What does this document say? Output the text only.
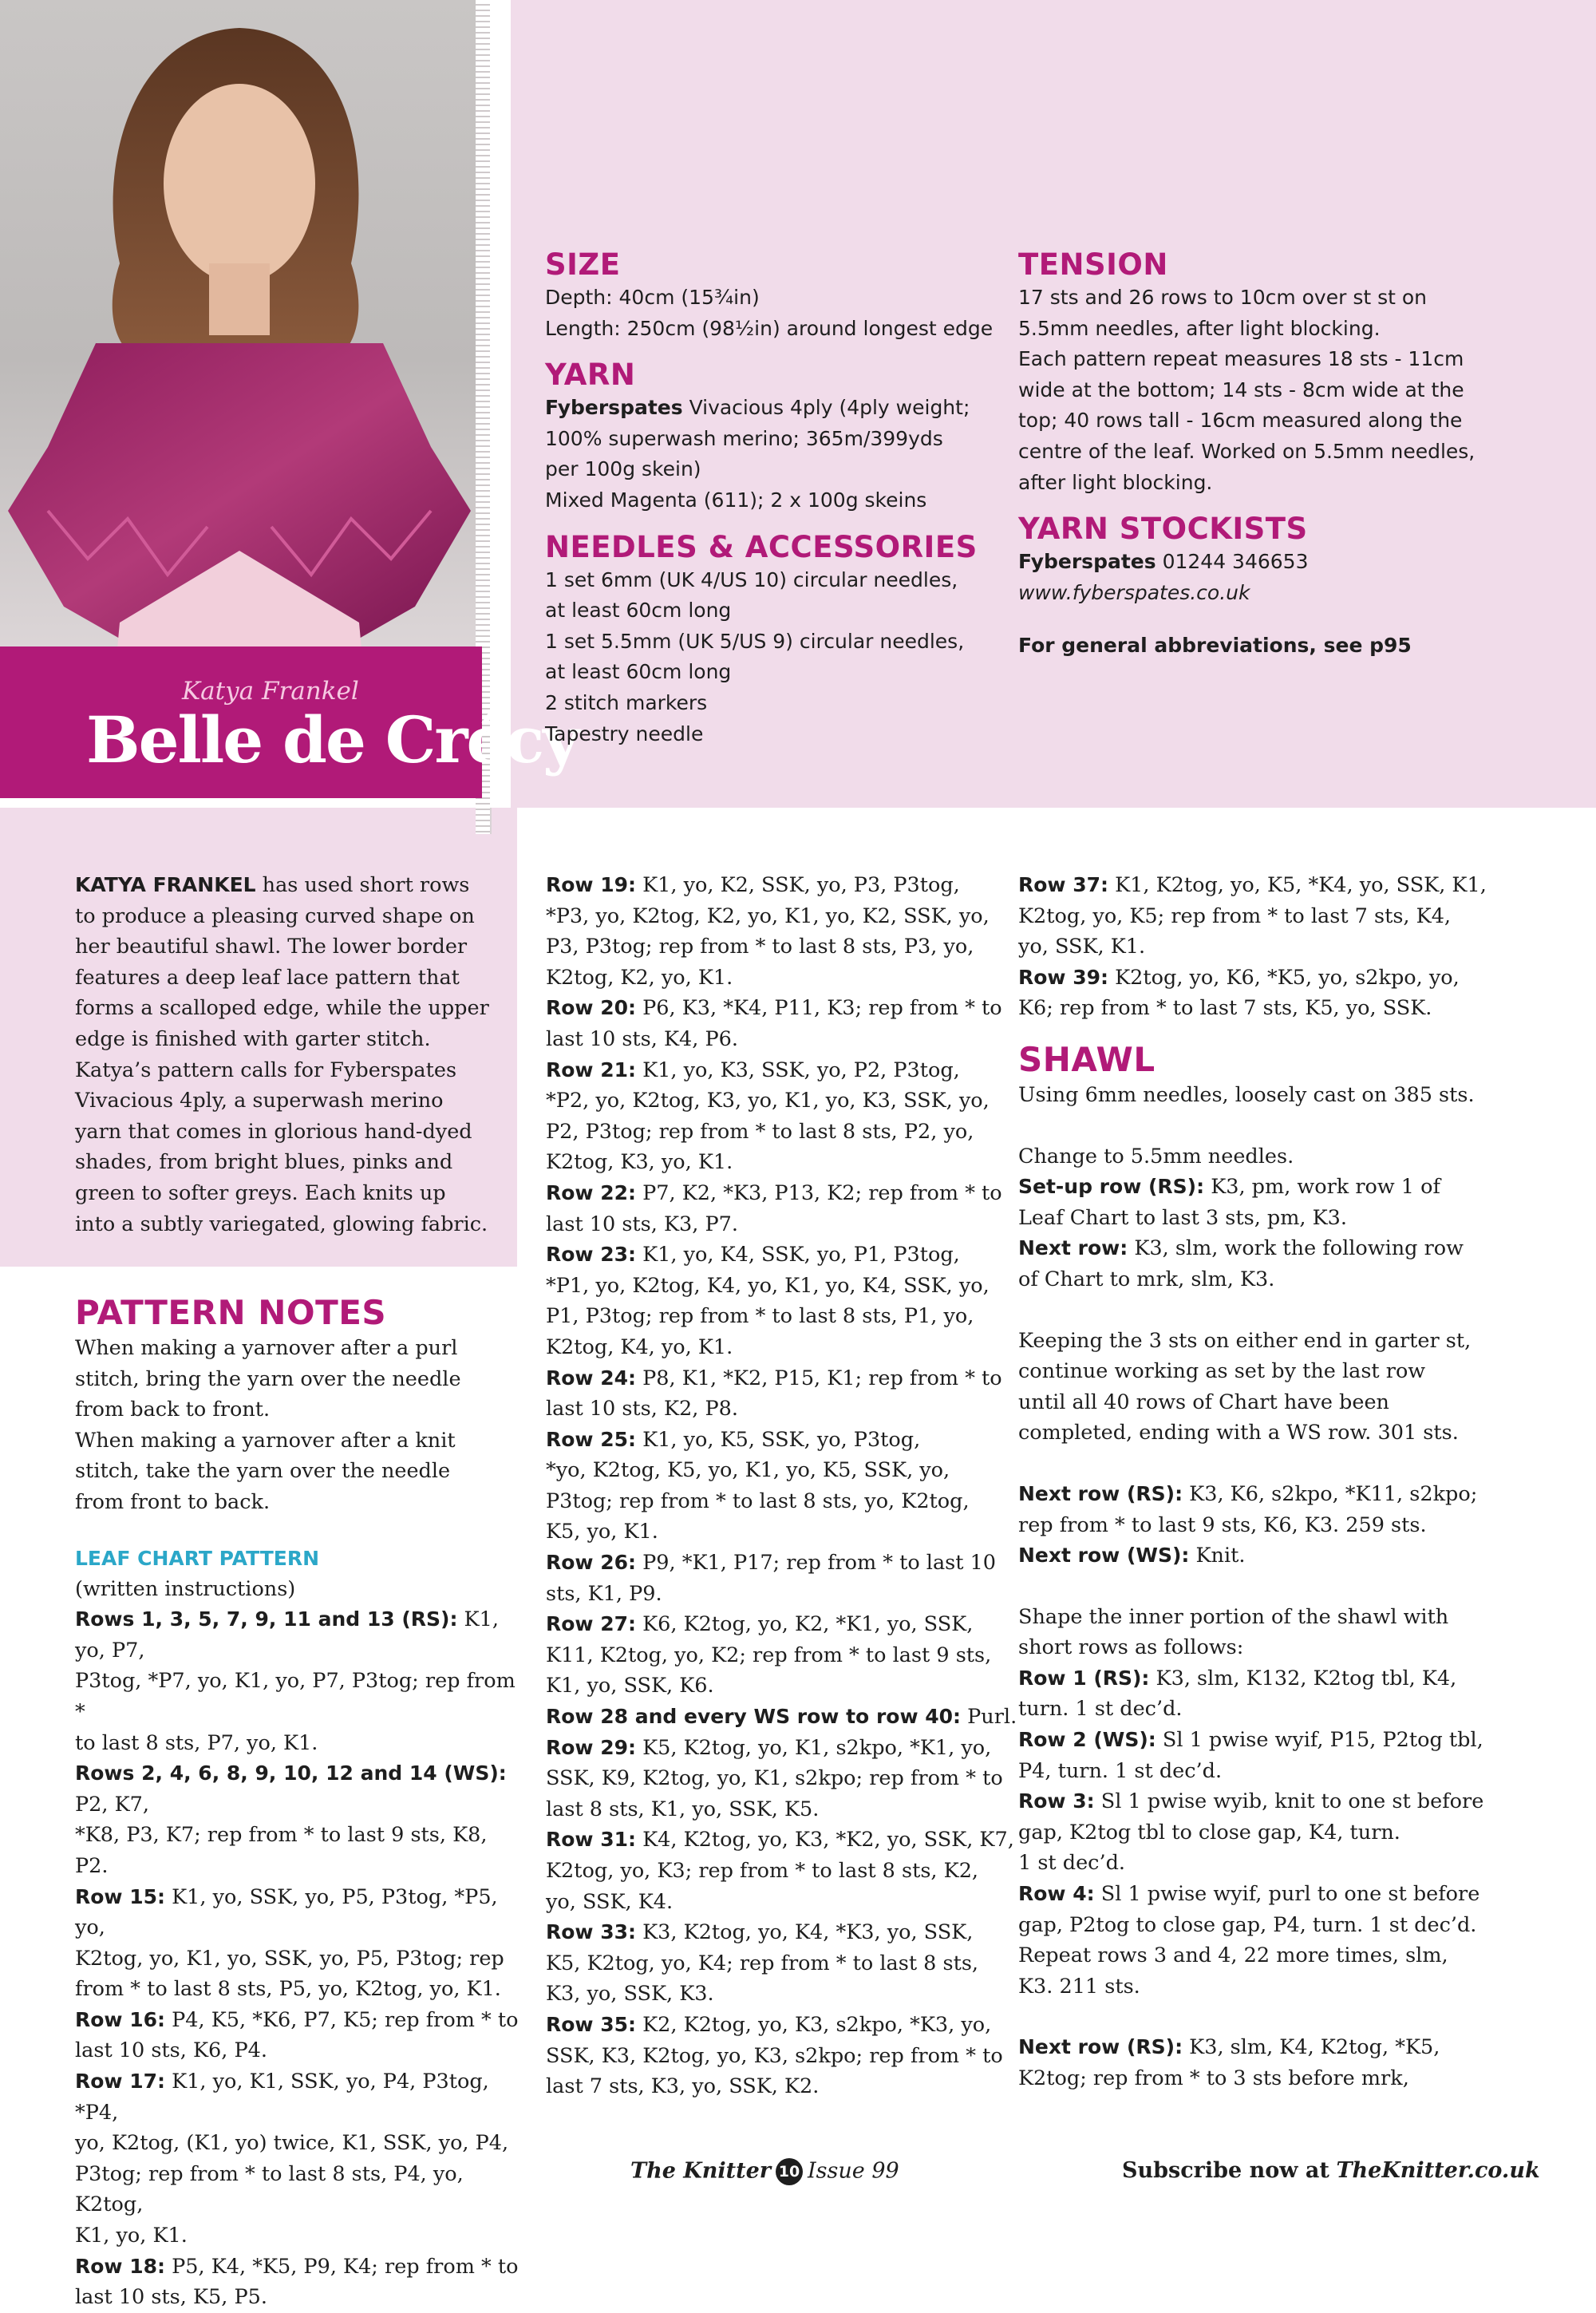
Katya Frankel

Belle de Crécy
SIZE

Depth: 40cm (15¾in)

Length: 250cm (98½in) around longest edge

YARN

Fyberspates Vivacious 4ply (4ply weight;

100% superwash merino; 365m/399yds

per 100g skein)

Mixed Magenta (611); 2 x 100g skeins

NEEDLES & ACCESSORIES

1 set 6mm (UK 4/US 10) circular needles,

at least 60cm long

1 set 5.5mm (UK 5/US 9) circular needles,

at least 60cm long

2 stitch markers

Tapestry needle

TENSION

17 sts and 26 rows to 10cm over st st on

5.5mm needles, after light blocking.

Each pattern repeat measures 18 sts - 11cm

wide at the bottom; 14 sts - 8cm wide at the

top; 40 rows tall - 16cm measured along the

centre of the leaf. Worked on 5.5mm needles,

after light blocking.

YARN STOCKISTS

Fyberspates 01244 346653

www.fyberspates.co.uk

For general abbreviations, see p95

KATYA FRANKEL has used short rows

to produce a pleasing curved shape on

her beautiful shawl. The lower border

features a deep leaf lace pattern that

forms a scalloped edge, while the upper

edge is finished with garter stitch.

Katya’s pattern calls for Fyberspates

Vivacious 4ply, a superwash merino

yarn that comes in glorious hand-dyed

shades, from bright blues, pinks and

green to softer greys. Each knits up

into a subtly variegated, glowing fabric.

PATTERN NOTES

When making a yarnover after a purl

stitch, bring the yarn over the needle

from back to front.

When making a yarnover after a knit

stitch, take the yarn over the needle

from front to back.

LEAF CHART PATTERN

(written instructions)

Rows 1, 3, 5, 7, 9, 11 and 13 (RS): K1, yo, P7,

P3tog, *P7, yo, K1, yo, P7, P3tog; rep from *

to last 8 sts, P7, yo, K1.

Rows 2, 4, 6, 8, 9, 10, 12 and 14 (WS): P2, K7,

*K8, P3, K7; rep from * to last 9 sts, K8, P2.

Row 15: K1, yo, SSK, yo, P5, P3tog, *P5, yo,

K2tog, yo, K1, yo, SSK, yo, P5, P3tog; rep

from * to last 8 sts, P5, yo, K2tog, yo, K1.

Row 16: P4, K5, *K6, P7, K5; rep from * to

last 10 sts, K6, P4.

Row 17: K1, yo, K1, SSK, yo, P4, P3tog, *P4,

yo, K2tog, (K1, yo) twice, K1, SSK, yo, P4,

P3tog; rep from * to last 8 sts, P4, yo, K2tog,

K1, yo, K1.

Row 18: P5, K4, *K5, P9, K4; rep from * to

last 10 sts, K5, P5.

Row 19: K1, yo, K2, SSK, yo, P3, P3tog,

*P3, yo, K2tog, K2, yo, K1, yo, K2, SSK, yo,

P3, P3tog; rep from * to last 8 sts, P3, yo,

K2tog, K2, yo, K1.

Row 20: P6, K3, *K4, P11, K3; rep from * to

last 10 sts, K4, P6.

Row 21: K1, yo, K3, SSK, yo, P2, P3tog,

*P2, yo, K2tog, K3, yo, K1, yo, K3, SSK, yo,

P2, P3tog; rep from * to last 8 sts, P2, yo,

K2tog, K3, yo, K1.

Row 22: P7, K2, *K3, P13, K2; rep from * to

last 10 sts, K3, P7.

Row 23: K1, yo, K4, SSK, yo, P1, P3tog,

*P1, yo, K2tog, K4, yo, K1, yo, K4, SSK, yo,

P1, P3tog; rep from * to last 8 sts, P1, yo,

K2tog, K4, yo, K1.

Row 24: P8, K1, *K2, P15, K1; rep from * to

last 10 sts, K2, P8.

Row 25: K1, yo, K5, SSK, yo, P3tog,

*yo, K2tog, K5, yo, K1, yo, K5, SSK, yo,

P3tog; rep from * to last 8 sts, yo, K2tog,

K5, yo, K1.

Row 26: P9, *K1, P17; rep from * to last 10

sts, K1, P9.

Row 27: K6, K2tog, yo, K2, *K1, yo, SSK,

K11, K2tog, yo, K2; rep from * to last 9 sts,

K1, yo, SSK, K6.

Row 28 and every WS row to row 40: Purl.

Row 29: K5, K2tog, yo, K1, s2kpo, *K1, yo,

SSK, K9, K2tog, yo, K1, s2kpo; rep from * to

last 8 sts, K1, yo, SSK, K5.

Row 31: K4, K2tog, yo, K3, *K2, yo, SSK, K7,

K2tog, yo, K3; rep from * to last 8 sts, K2,

yo, SSK, K4.

Row 33: K3, K2tog, yo, K4, *K3, yo, SSK,

K5, K2tog, yo, K4; rep from * to last 8 sts,

K3, yo, SSK, K3.

Row 35: K2, K2tog, yo, K3, s2kpo, *K3, yo,

SSK, K3, K2tog, yo, K3, s2kpo; rep from * to

last 7 sts, K3, yo, SSK, K2.

Row 37: K1, K2tog, yo, K5, *K4, yo, SSK, K1,

K2tog, yo, K5; rep from * to last 7 sts, K4,

yo, SSK, K1.

Row 39: K2tog, yo, K6, *K5, yo, s2kpo, yo,

K6; rep from * to last 7 sts, K5, yo, SSK.

SHAWL

Using 6mm needles, loosely cast on 385 sts.

Change to 5.5mm needles.

Set-up row (RS): K3, pm, work row 1 of

Leaf Chart to last 3 sts, pm, K3.

Next row: K3, slm, work the following row

of Chart to mrk, slm, K3.

Keeping the 3 sts on either end in garter st,

continue working as set by the last row

until all 40 rows of Chart have been

completed, ending with a WS row. 301 sts.

Next row (RS): K3, K6, s2kpo, *K11, s2kpo;

rep from * to last 9 sts, K6, K3. 259 sts.

Next row (WS): Knit.

Shape the inner portion of the shawl with

short rows as follows:

Row 1 (RS): K3, slm, K132, K2tog tbl, K4,

turn. 1 st dec’d.

Row 2 (WS): Sl 1 pwise wyif, P15, P2tog tbl,

P4, turn. 1 st dec’d.

Row 3: Sl 1 pwise wyib, knit to one st before

gap, K2tog tbl to close gap, K4, turn.

1 st dec’d.

Row 4: Sl 1 pwise wyif, purl to one st before

gap, P2tog to close gap, P4, turn. 1 st dec’d.

Repeat rows 3 and 4, 22 more times, slm,

K3. 211 sts.

Next row (RS): K3, slm, K4, K2tog, *K5,

K2tog; rep from * to 3 sts before mrk,

The Knitter 10 Issue 99	Subscribe now at TheKnitter.co.uk
